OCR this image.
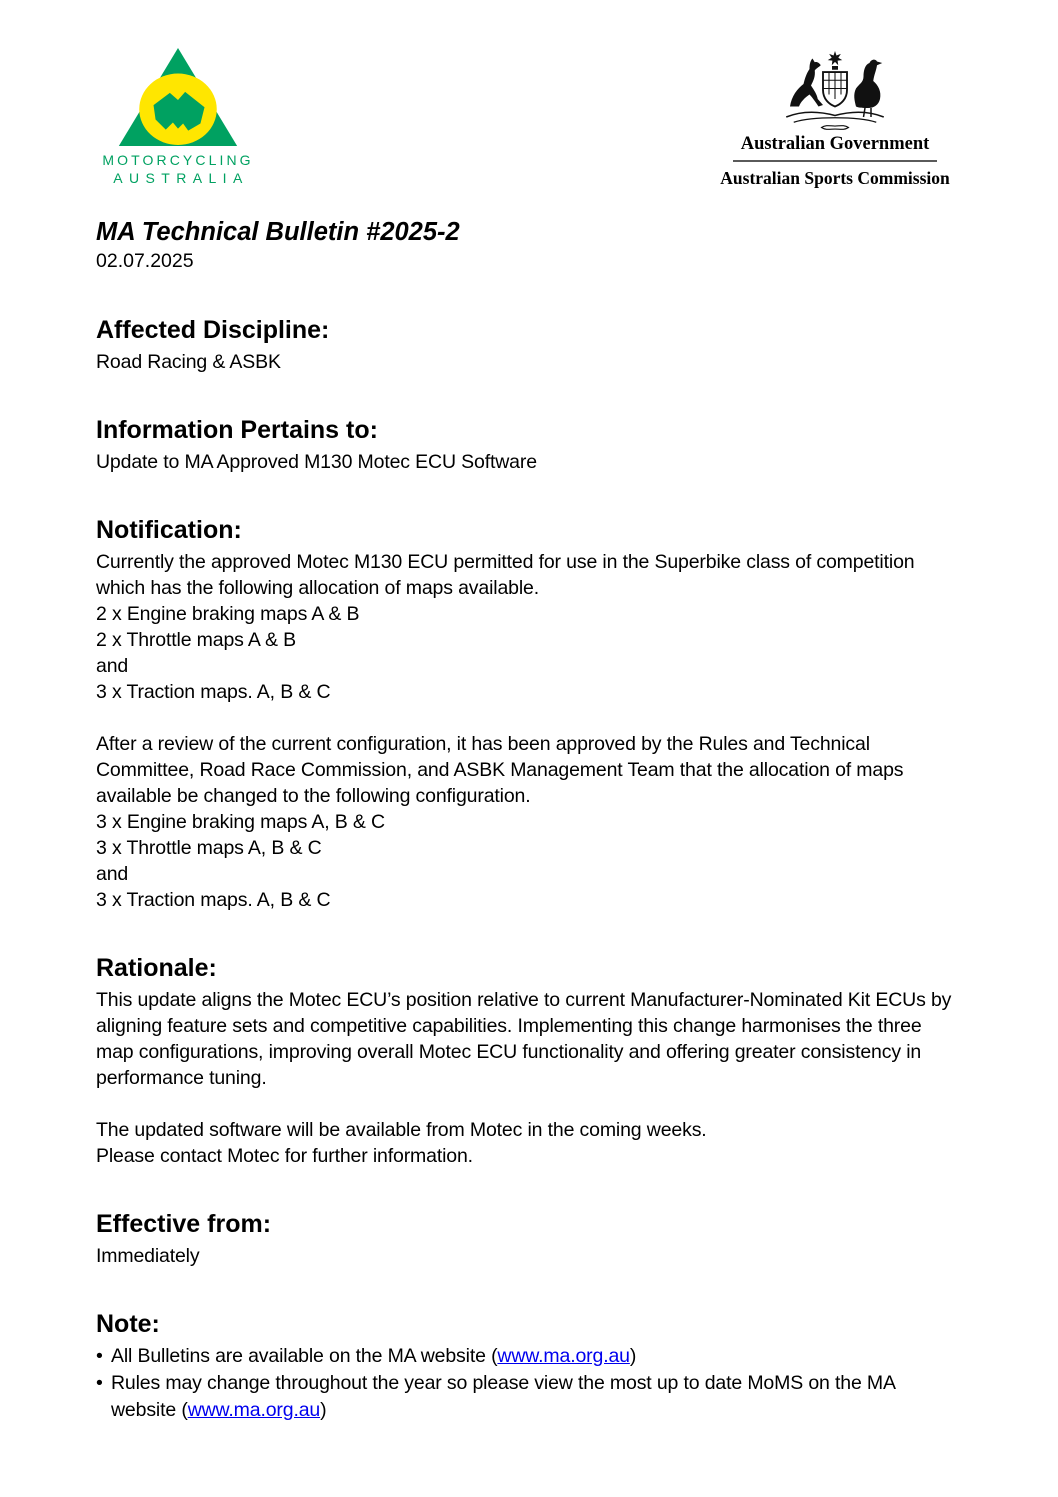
MOTORCYCLING
AUSTRALIA
Australian Government
Australian Sports Commission
MA Technical Bulletin #2025-2
02.07.2025
Affected Discipline:
Road Racing & ASBK
Information Pertains to:
Update to MA Approved M130 Motec ECU Software
Notification:
Currently the approved Motec M130 ECU permitted for use in the Superbike class of competition which has the following allocation of maps available.
2 x Engine braking maps A & B
2 x Throttle maps A & B
and
3 x Traction maps. A, B & C
After a review of the current configuration, it has been approved by the Rules and Technical Committee, Road Race Commission, and ASBK Management Team that the allocation of maps available be changed to the following configuration.
3 x Engine braking maps A, B & C
3 x Throttle maps A, B & C
and
3 x Traction maps. A, B & C
Rationale:
This update aligns the Motec ECU’s position relative to current Manufacturer-Nominated Kit ECUs by aligning feature sets and competitive capabilities. Implementing this change harmonises the three map configurations, improving overall Motec ECU functionality and offering greater consistency in performance tuning.
The updated software will be available from Motec in the coming weeks.
Please contact Motec for further information.
Effective from:
Immediately
Note:
• All Bulletins are available on the MA website (www.ma.org.au)
• Rules may change throughout the year so please view the most up to date MoMS on the MA website (www.ma.org.au)
